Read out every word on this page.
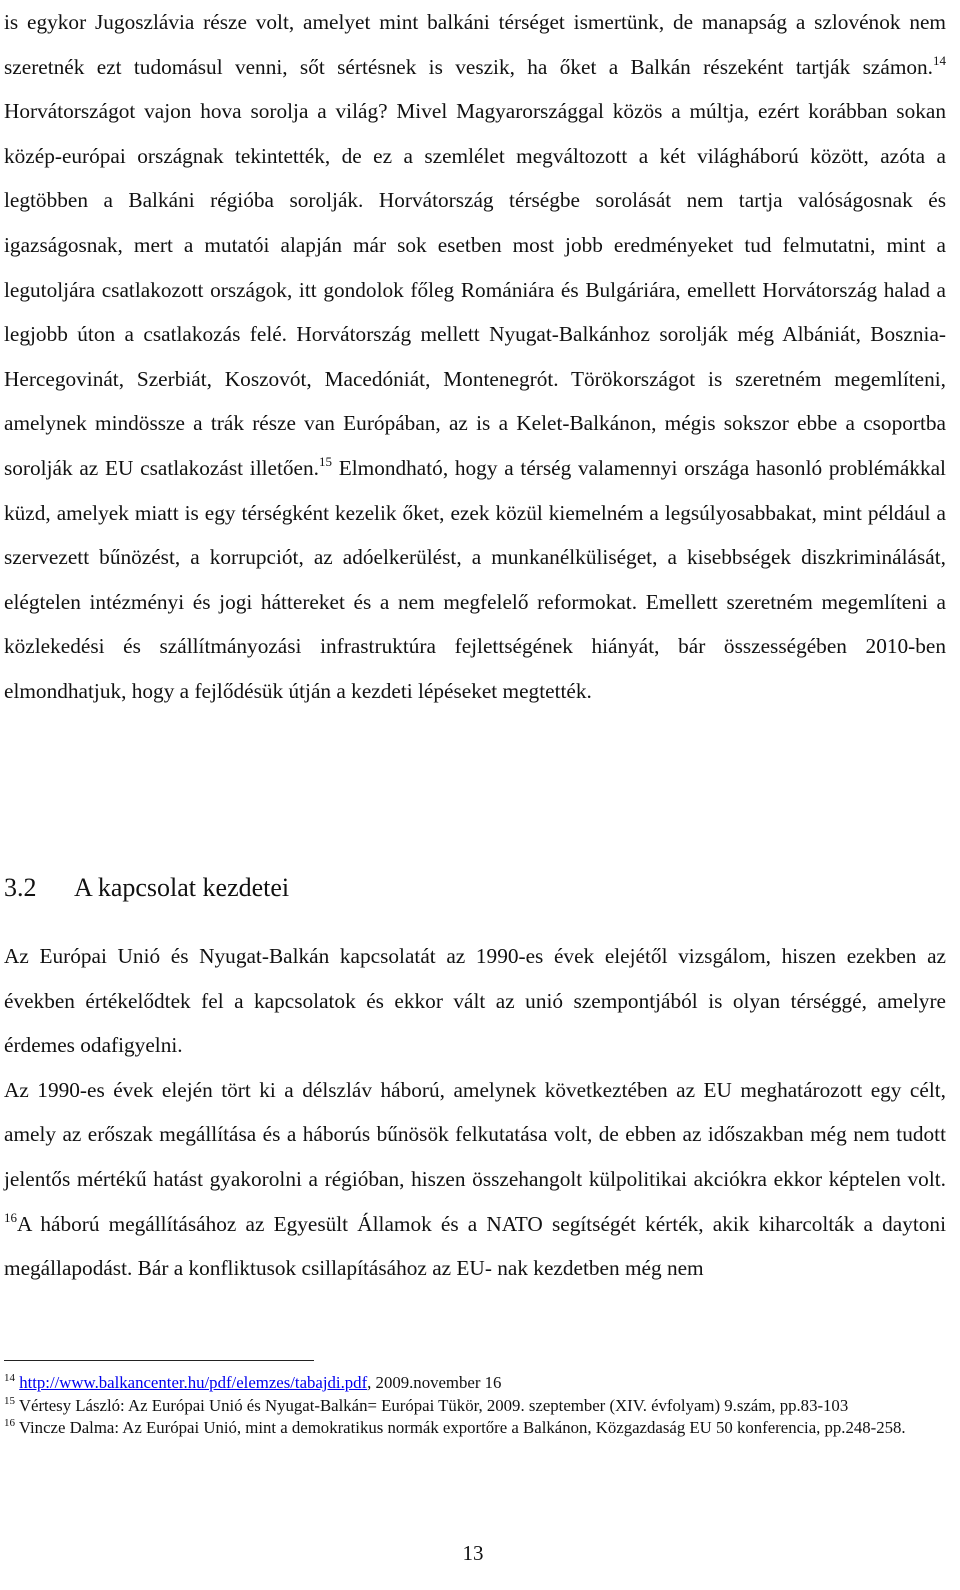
is egykor Jugoszlávia része volt, amelyet mint balkáni térséget ismertünk, de manapság a szlovénok nem szeretnék ezt tudomásul venni, sőt sértésnek is veszik, ha őket a Balkán részeként tartják számon.$^{14}$ Horvátországot vajon hova sorolja a világ? Mivel Magyarországgal közös a múltja, ezért korábban sokan közép-európai országnak tekintették, de ez a szemlélet megváltozott a két világháború között, azóta a legtöbben a Balkáni régióba sorolják. Horvátország térségbe sorolását nem tartja valóságosnak és igazságosnak, mert a mutatói alapján már sok esetben most jobb eredményeket tud felmutatni, mint a legutoljára csatlakozott országok, itt gondolok főleg Romániára és Bulgáriára, emellett Horvátország halad a legjobb úton a csatlakozás felé. Horvátország mellett Nyugat-Balkánhoz sorolják még Albániát, Bosznia-Hercegovinát, Szerbiát, Koszovót, Macedóniát, Montenegrót. Törökországot is szeretném megemlíteni, amelynek mindössze a trák része van Európában, az is a Kelet-Balkánon, mégis sokszor ebbe a csoportba sorolják az EU csatlakozást illetően.$^{15}$ Elmondható, hogy a térség valamennyi országa hasonló problémákkal küzd, amelyek miatt is egy térségként kezelik őket, ezek közül kiemelném a legsúlyosabbakat, mint például a szervezett bűnözést, a korrupciót, az adóelkerülést, a munkanélküliséget, a kisebbségek diszkriminálását, elégtelen intézményi és jogi háttereket és a nem megfelelő reformokat. Emellett szeretném megemlíteni a közlekedési és szállítmányozási infrastruktúra fejlettségének hiányát, bár összességében 2010-ben elmondhatjuk, hogy a fejlődésük útján a kezdeti lépéseket megtették.

3.2 A kapcsolat kezdetei

Az Európai Unió és Nyugat-Balkán kapcsolatát az 1990-es évek elejétől vizsgálom, hiszen ezekben az években értékelődtek fel a kapcsolatok és ekkor vált az unió szempontjából is olyan térséggé, amelyre érdemes odafigyelni.

Az 1990-es évek elején tört ki a délszláv háború, amelynek következtében az EU meghatározott egy célt, amely az erőszak megállítása és a háborús bűnösök felkutatása volt, de ebben az időszakban még nem tudott jelentős mértékű hatást gyakorolni a régióban, hiszen összehangolt külpolitikai akciókra ekkor képtelen volt. $^{16}$A háború megállításához az Egyesült Államok és a NATO segítségét kérték, akik kiharcolták a daytoni megállapodást. Bár a konfliktusok csillapításához az EU- nak kezdetben még nem

$^{14}$ http://www.balkancenter.hu/pdf/elemzes/tabajdi.pdf, 2009.november 16

$^{15}$ Vértesy László: Az Európai Unió és Nyugat-Balkán= Európai Tükör, 2009. szeptember (XIV. évfolyam) 9.szám, pp.83-103

$^{16}$ Vincze Dalma: Az Európai Unió, mint a demokratikus normák exportőre a Balkánon, Közgazdaság EU 50 konferencia, pp.248-258.

13
